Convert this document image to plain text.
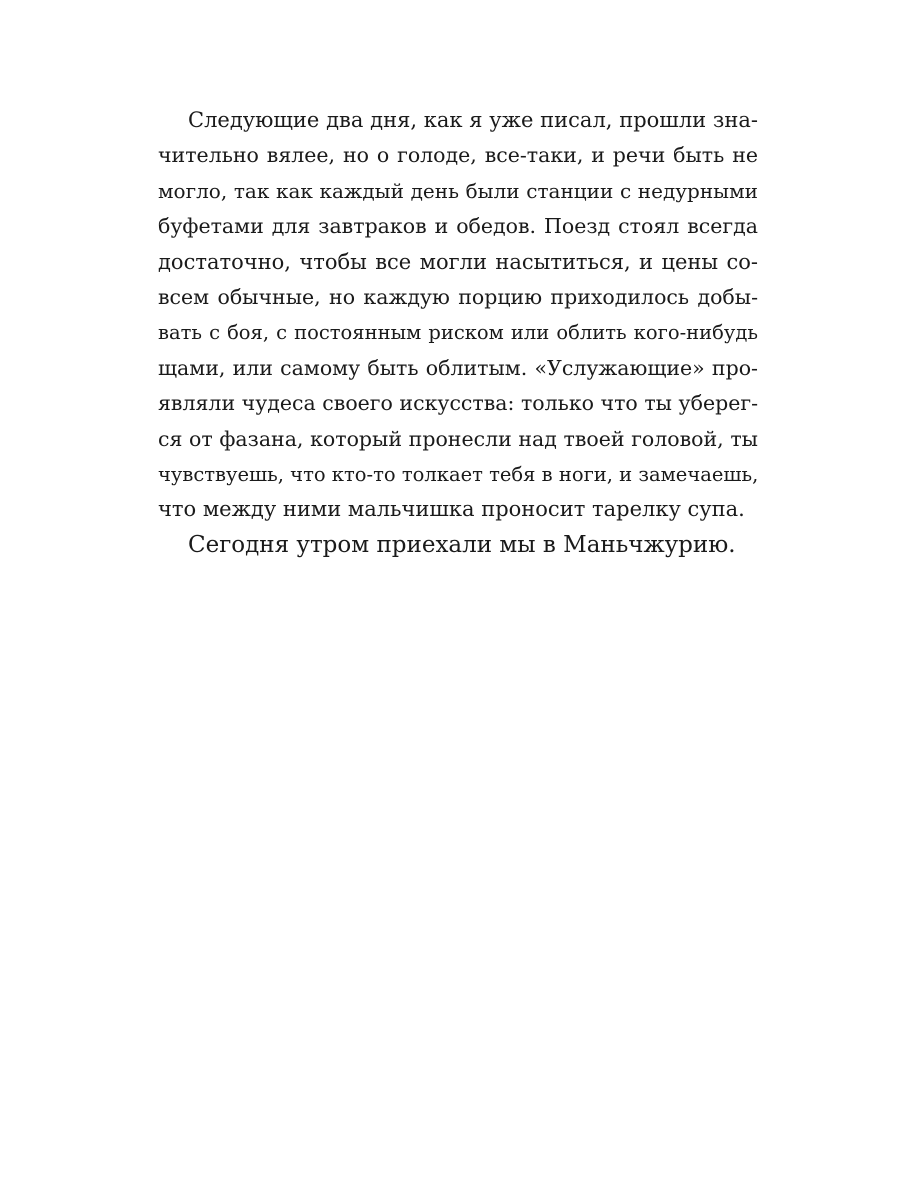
Следующие два дня, как я уже писал, прошли зна-
чительно вялее, но о голоде, все-таки, и речи быть не
могло, так как каждый день были станции с недурными
буфетами для завтраков и обедов. Поезд стоял всегда
достаточно, чтобы все могли насытиться, и цены со-
всем обычные, но каждую порцию приходилось добы-
вать с боя, с постоянным риском или облить кого-нибудь
щами, или самому быть облитым. «Услужающие» про-
являли чудеса своего искусства: только что ты уберег-
ся от фазана, который пронесли над твоей головой, ты
чувствуешь, что кто-то толкает тебя в ноги, и замечаешь,
что между ними мальчишка проносит тарелку супа.
Сегодня утром приехали мы в Маньчжурию.
